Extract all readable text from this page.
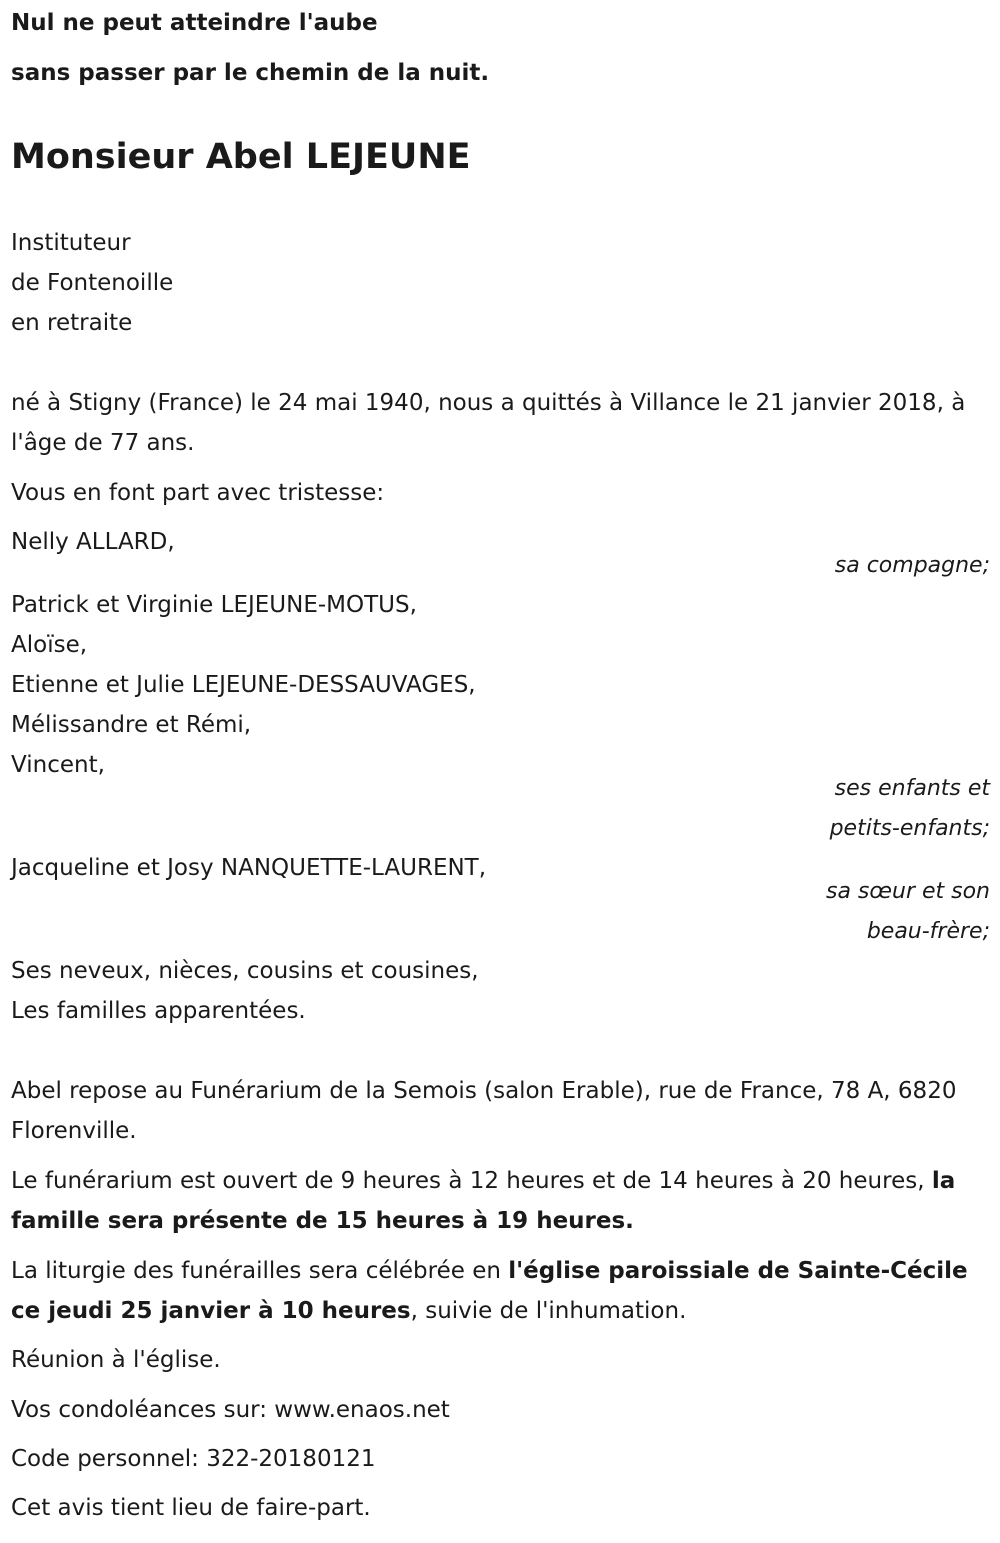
Nul ne peut atteindre l'aube
sans passer par le chemin de la nuit.
Monsieur Abel LEJEUNE
Instituteur
de Fontenoille
en retraite
né à Stigny (France) le 24 mai 1940, nous a quittés à Villance le 21 janvier 2018, à l'âge de 77 ans.
Vous en font part avec tristesse:
Nelly ALLARD,
sa compagne;
Patrick et Virginie LEJEUNE-MOTUS,
Aloïse,
Etienne et Julie LEJEUNE-DESSAUVAGES,
Mélissandre et Rémi,
Vincent,
ses enfants et
petits-enfants;
Jacqueline et Josy NANQUETTE-LAURENT,
sa sœur et son
beau-frère;
Ses neveux, nièces, cousins et cousines,
Les familles apparentées.
Abel repose au Funérarium de la Semois (salon Erable), rue de France, 78 A, 6820 Florenville.
Le funérarium est ouvert de 9 heures à 12 heures et de 14 heures à 20 heures, la famille sera présente de 15 heures à 19 heures.
La liturgie des funérailles sera célébrée en l'église paroissiale de Sainte-Cécile ce jeudi 25 janvier à 10 heures, suivie de l'inhumation.
Réunion à l'église.
Vos condoléances sur: www.enaos.net
Code personnel: 322-20180121
Cet avis tient lieu de faire-part.
